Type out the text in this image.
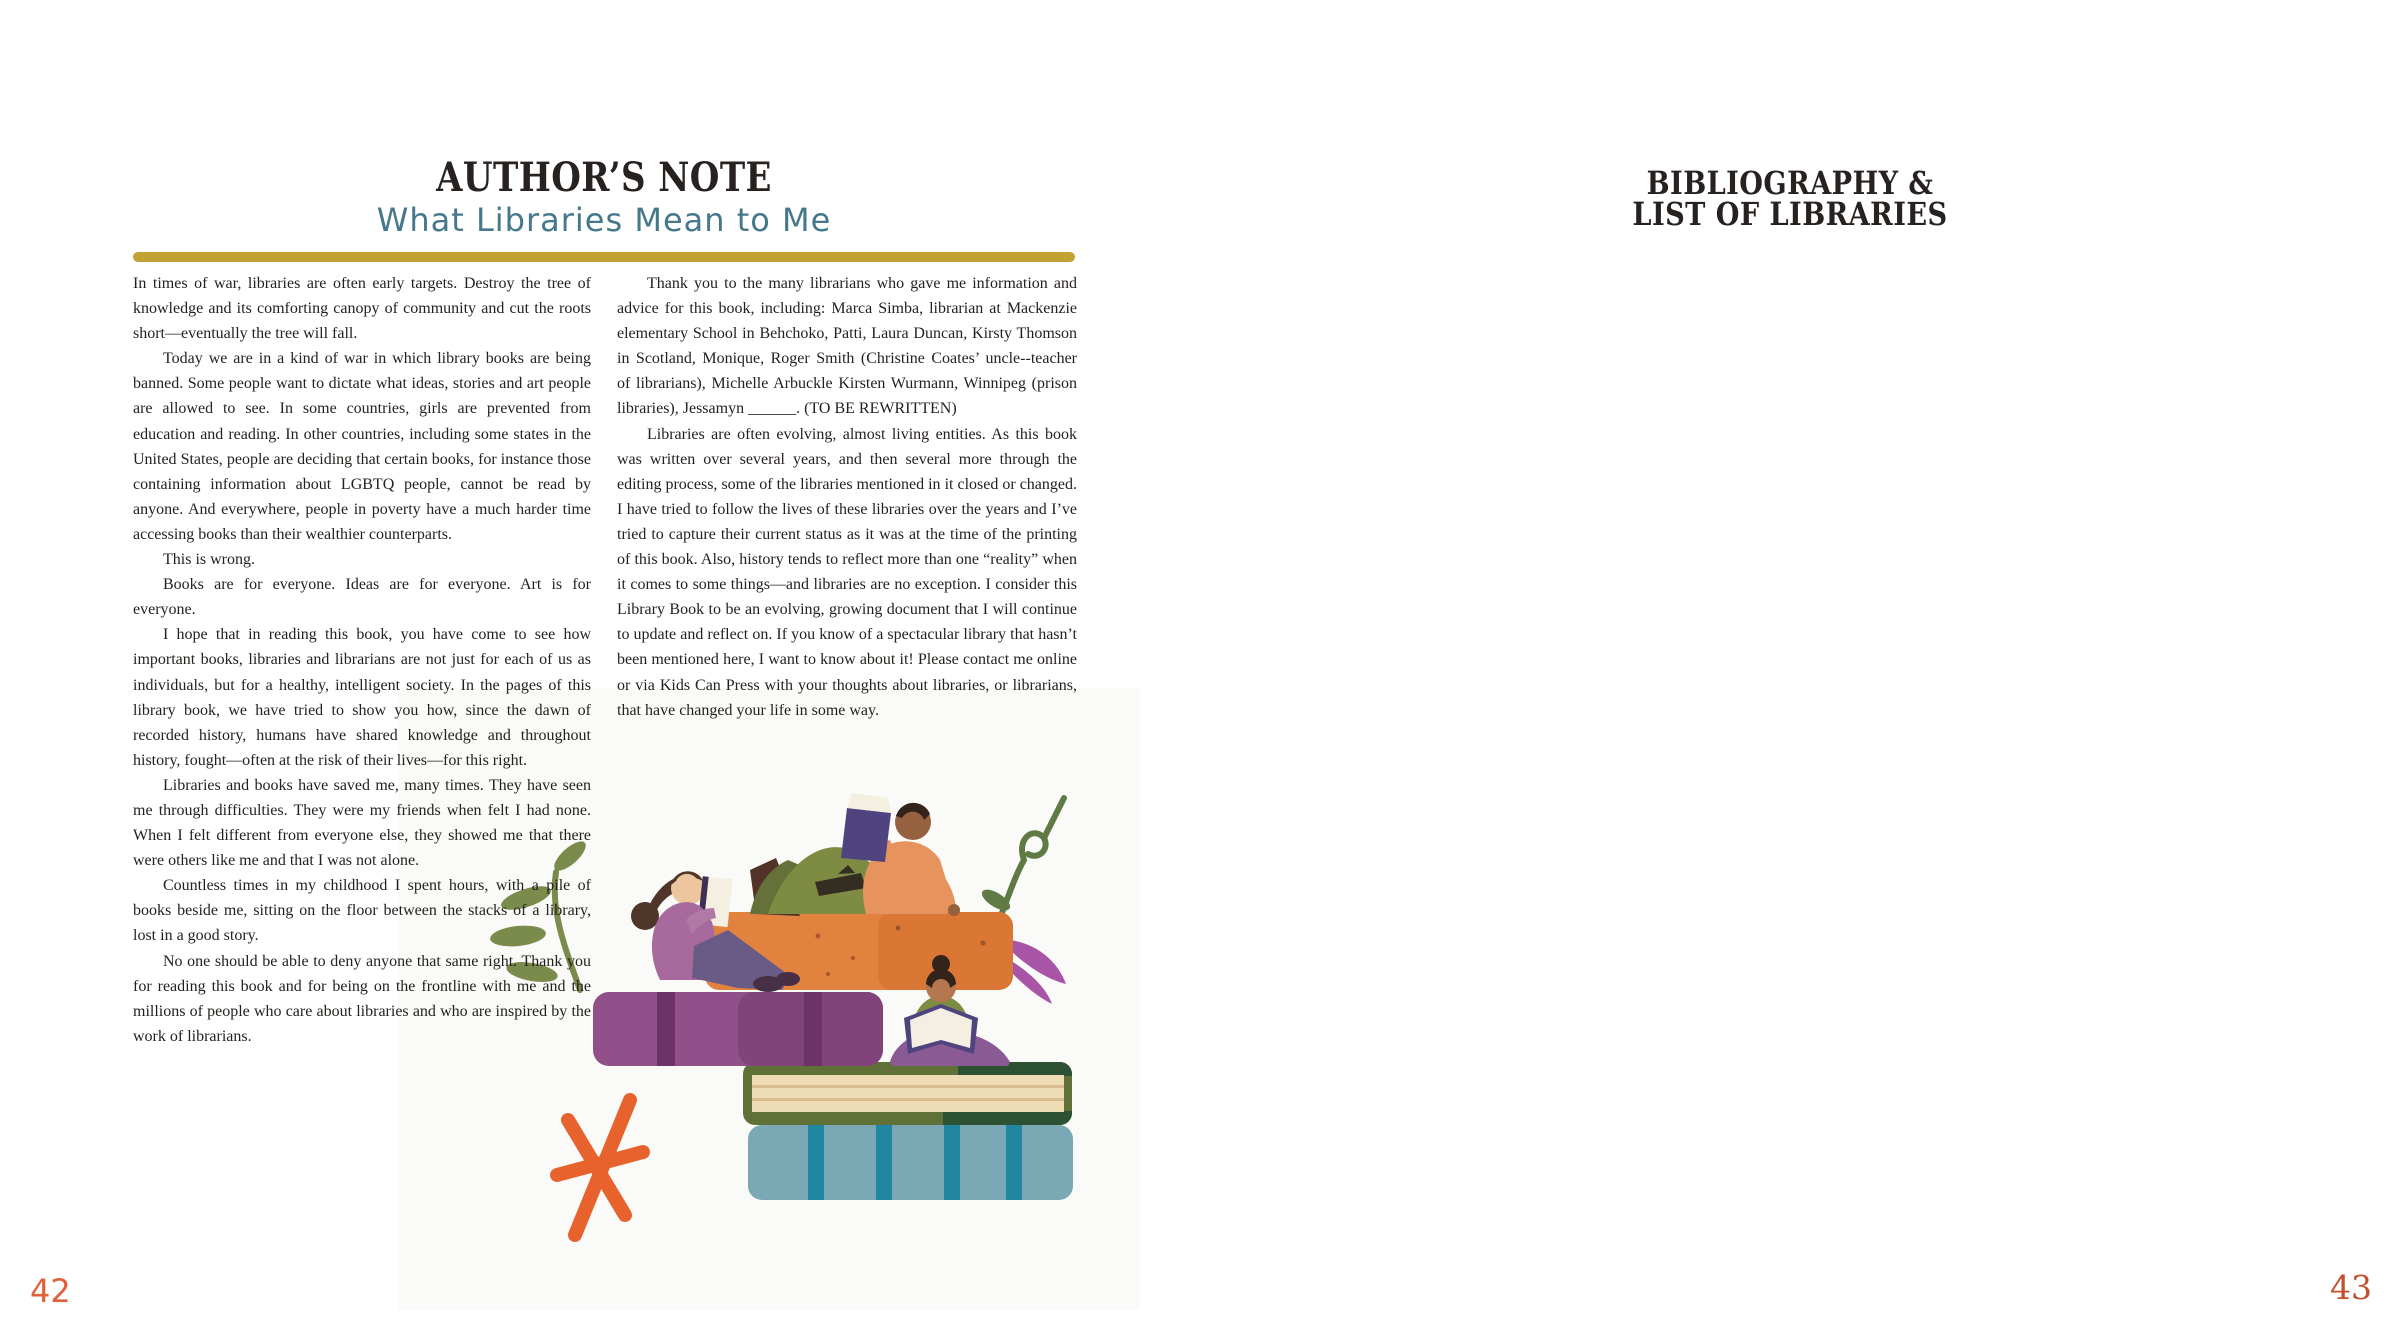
AUTHOR’S NOTE
What Libraries Mean to Me

In times of war, libraries are often early targets. Destroy the tree of knowledge and its comforting canopy of community and cut the roots short—eventually the tree will fall.

Today we are in a kind of war in which library books are being banned. Some people want to dictate what ideas, stories and art people are allowed to see. In some countries, girls are prevented from education and reading. In other countries, including some states in the United States, people are deciding that certain books, for instance those containing information about LGBTQ people, cannot be read by anyone. And everywhere, people in poverty have a much harder time accessing books than their wealthier counterparts.

This is wrong.

Books are for everyone. Ideas are for everyone. Art is for everyone.

I hope that in reading this book, you have come to see how important books, libraries and librarians are not just for each of us as individuals, but for a healthy, intelligent society. In the pages of this library book, we have tried to show you how, since the dawn of recorded history, humans have shared knowledge and throughout history, fought—often at the risk of their lives—for this right.

Libraries and books have saved me, many times. They have seen me through difficulties. They were my friends when felt I had none. When I felt different from everyone else, they showed me that there were others like me and that I was not alone.

Countless times in my childhood I spent hours, with a pile of books beside me, sitting on the floor between the stacks of a library, lost in a good story.

No one should be able to deny anyone that same right. Thank you for reading this book and for being on the frontline with me and the millions of people who care about libraries and who are inspired by the work of librarians.

Thank you to the many librarians who gave me information and advice for this book, including: Marca Simba, librarian at Mackenzie elementary School in Behchoko, Patti, Laura Duncan, Kirsty Thomson in Scotland, Monique, Roger Smith (Christine Coates’ uncle--teacher of librarians), Michelle Arbuckle Kirsten Wurmann, Winnipeg (prison libraries), Jessamyn ______. (TO BE REWRITTEN)

Libraries are often evolving, almost living entities. As this book was written over several years, and then several more through the editing process, some of the libraries mentioned in it closed or changed. I have tried to follow the lives of these libraries over the years and I’ve tried to capture their current status as it was at the time of the printing of this book. Also, history tends to reflect more than one “reality” when it comes to some things—and libraries are no exception. I consider this Library Book to be an evolving, growing document that I will continue to update and reflect on. If you know of a spectacular library that hasn’t been mentioned here, I want to know about it! Please contact me online or via Kids Can Press with your thoughts about libraries, or librarians, that have changed your life in some way.

42
BIBLIOGRAPHY &
LIST OF LIBRARIES
43
